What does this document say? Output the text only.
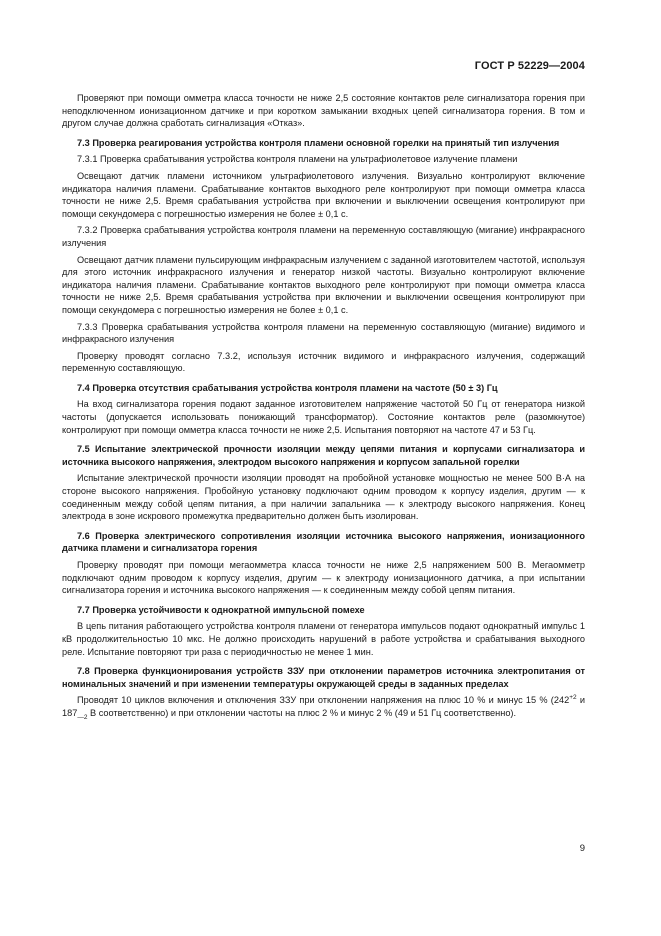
ГОСТ Р 52229—2004

Проверяют при помощи омметра класса точности не ниже 2,5 состояние контактов реле сигнализатора горения при неподключенном ионизационном датчике и при коротком замыкании входных цепей сигнализатора горения. В том и другом случае должна сработать сигнализация «Отказ».

7.3 Проверка реагирования устройства контроля пламени основной горелки на принятый тип излучения

7.3.1 Проверка срабатывания устройства контроля пламени на ультрафиолетовое излучение пламени

Освещают датчик пламени источником ультрафиолетового излучения. Визуально контролируют включение индикатора наличия пламени. Срабатывание контактов выходного реле контролируют при помощи омметра класса точности не ниже 2,5. Время срабатывания устройства при включении и выключении освещения контролируют при помощи секундомера с погрешностью измерения не более ± 0,1 с.

7.3.2 Проверка срабатывания устройства контроля пламени на переменную составляющую (мигание) инфракрасного излучения

Освещают датчик пламени пульсирующим инфракрасным излучением с заданной изготовителем частотой, используя для этого источник инфракрасного излучения и генератор низкой частоты. Визуально контролируют включение индикатора наличия пламени. Срабатывание контактов выходного реле контролируют при помощи омметра класса точности не ниже 2,5. Время срабатывания устройства при включении и выключении освещения контролируют при помощи секундомера с погрешностью измерения не более ± 0,1 с.

7.3.3 Проверка срабатывания устройства контроля пламени на переменную составляющую (мигание) видимого и инфракрасного излучения

Проверку проводят согласно 7.3.2, используя источник видимого и инфракрасного излучения, содержащий переменную составляющую.

7.4 Проверка отсутствия срабатывания устройства контроля пламени на частоте (50 ± 3) Гц

На вход сигнализатора горения подают заданное изготовителем напряжение частотой 50 Гц от генератора низкой частоты (допускается использовать понижающий трансформатор). Состояние контактов реле (разомкнутое) контролируют при помощи омметра класса точности не ниже 2,5. Испытания повторяют на частоте 47 и 53 Гц.

7.5 Испытание электрической прочности изоляции между цепями питания и корпусами сигнализатора и источника высокого напряжения, электродом высокого напряжения и корпусом запальной горелки

Испытание электрической прочности изоляции проводят на пробойной установке мощностью не менее 500 В·А на стороне высокого напряжения. Пробойную установку подключают одним проводом к корпусу изделия, другим — к соединенным между собой цепям питания, а при наличии запальника — к электроду высокого напряжения. Конец электрода в зоне искрового промежутка предварительно должен быть изолирован.

7.6 Проверка электрического сопротивления изоляции источника высокого напряжения, ионизационного датчика пламени и сигнализатора горения

Проверку проводят при помощи мегаомметра класса точности не ниже 2,5 напряжением 500 В. Мегаомметр подключают одним проводом к корпусу изделия, другим — к электроду ионизационного датчика, а при испытании сигнализатора горения и источника высокого напряжения — к соединенным между собой цепям питания.

7.7 Проверка устойчивости к однократной импульсной помехе

В цепь питания работающего устройства контроля пламени от генератора импульсов подают однократный импульс 1 кВ продолжительностью 10 мкс. Не должно происходить нарушений в работе устройства и срабатывания выходного реле. Испытание повторяют три раза с периодичностью не менее 1 мин.

7.8 Проверка функционирования устройств ЗЗУ при отклонении параметров источника электропитания от номинальных значений и при изменении температуры окружающей среды в заданных пределах

Проводят 10 циклов включения и отключения ЗЗУ при отклонении напряжения на плюс 10 % и минус 15 % ($242^{+2}$ и $187_{—2}$ В соответственно) и при отклонении частоты на плюс 2 % и минус 2 % (49 и 51 Гц соответственно).

9
